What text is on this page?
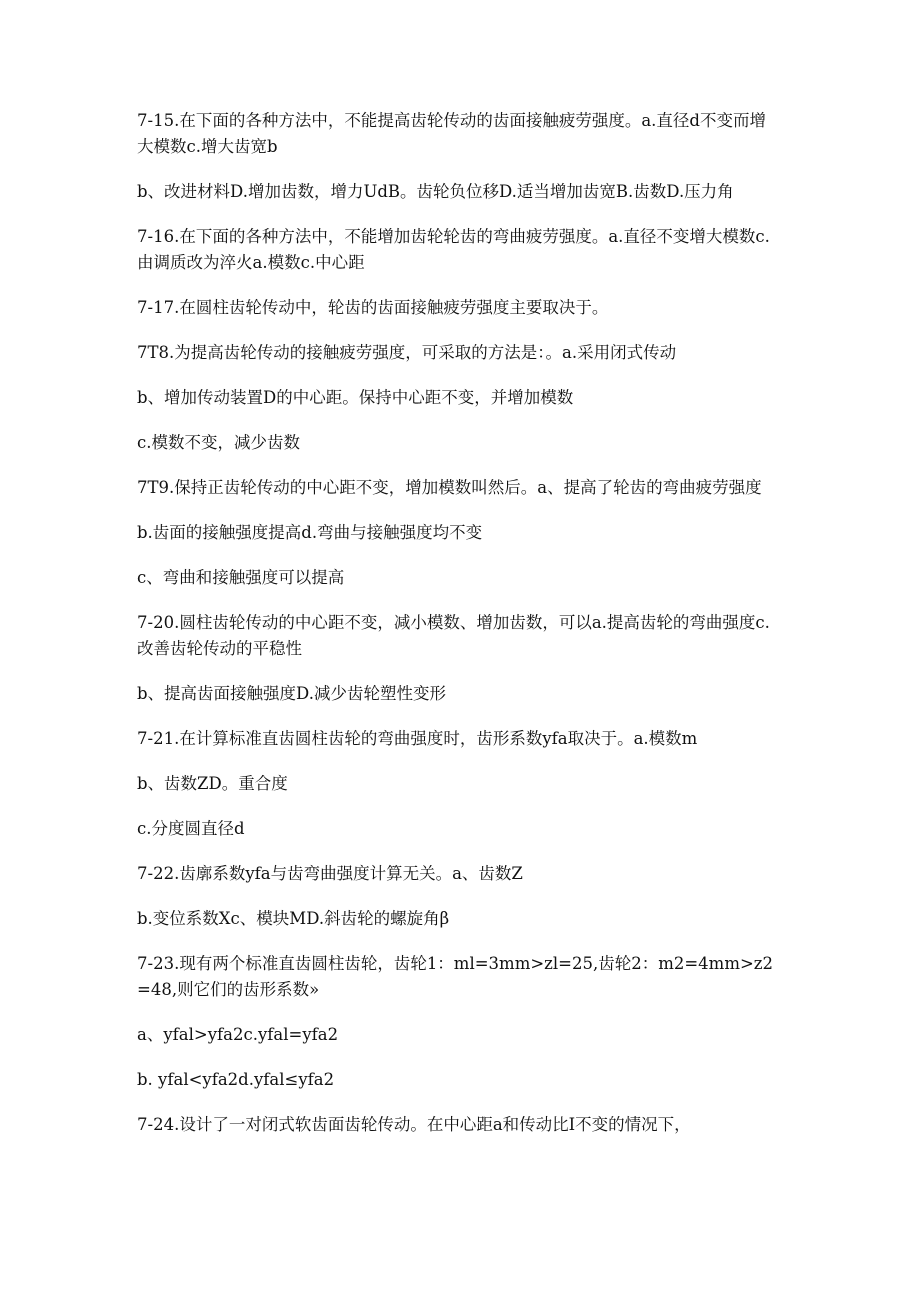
7-15.在下面的各种方法中，不能提高齿轮传动的齿面接触疲劳强度。a.直径d不变而增大模数c.增大齿宽b

b、改进材料D.增加齿数，增力UdB。齿轮负位移D.适当增加齿宽B.齿数D.压力角

7-16.在下面的各种方法中，不能增加齿轮轮齿的弯曲疲劳强度。a.直径不变增大模数c.由调质改为淬火a.模数c.中心距

7-17.在圆柱齿轮传动中，轮齿的齿面接触疲劳强度主要取决于。

7T8.为提高齿轮传动的接触疲劳强度，可采取的方法是：。a.采用闭式传动

b、增加传动装置D的中心距。保持中心距不变，并增加模数

c.模数不变，减少齿数

7T9.保持正齿轮传动的中心距不变，增加模数叫然后。a、提高了轮齿的弯曲疲劳强度

b.齿面的接触强度提高d.弯曲与接触强度均不变

c、弯曲和接触强度可以提高

7-20.圆柱齿轮传动的中心距不变，减小模数、增加齿数，可以a.提高齿轮的弯曲强度c.改善齿轮传动的平稳性

b、提高齿面接触强度D.减少齿轮塑性变形

7-21.在计算标准直齿圆柱齿轮的弯曲强度时，齿形系数yfa取决于。a.模数m

b、齿数ZD。重合度

c.分度圆直径d

7-22.齿廓系数yfa与齿弯曲强度计算无关。a、齿数Z

b.变位系数Xc、模块MD.斜齿轮的螺旋角β

7-23.现有两个标准直齿圆柱齿轮，齿轮1：ml=3mm>zl=25,齿轮2：m2=4mm>z2=48,则它们的齿形系数»

a、yfal>yfa2c.yfal=yfa2

b. yfal<yfa2d.yfal≤yfa2

7-24.设计了一对闭式软齿面齿轮传动。在中心距a和传动比I不变的情况下，
